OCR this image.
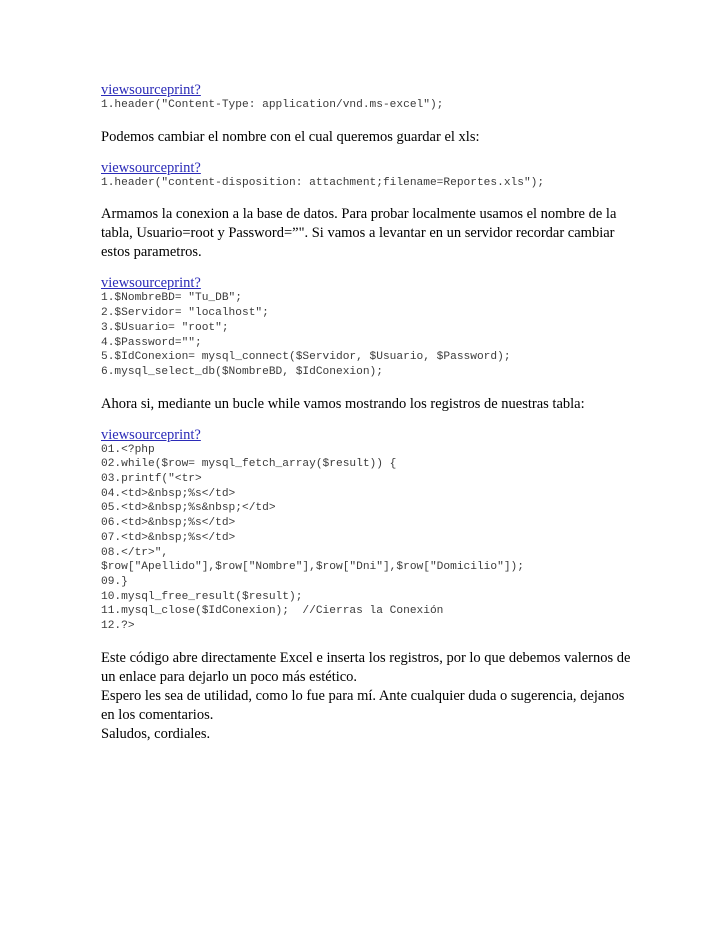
viewsourceprint?
1.header("Content-Type: application/vnd.ms-excel");

Podemos cambiar el nombre con el cual queremos guardar el xls:

viewsourceprint?
1.header("content-disposition: attachment;filename=Reportes.xls");

Armamos la conexion a la base de datos. Para probar localmente usamos el nombre de la
tabla, Usuario=root y Password=”". Si vamos a levantar en un servidor recordar cambiar
estos parametros.

viewsourceprint?
1.$NombreBD= "Tu_DB";
2.$Servidor= "localhost";
3.$Usuario= "root";
4.$Password="";
5.$IdConexion= mysql_connect($Servidor, $Usuario, $Password);
6.mysql_select_db($NombreBD, $IdConexion);

Ahora si, mediante un bucle while vamos mostrando los registros de nuestras tabla:

viewsourceprint?
01.<?php
02.while($row= mysql_fetch_array($result)) {
03.printf("<tr>
04.<td>&nbsp;%s</td>
05.<td>&nbsp;%s&nbsp;</td>
06.<td>&nbsp;%s</td>
07.<td>&nbsp;%s</td>
08.</tr>",
$row["Apellido"],$row["Nombre"],$row["Dni"],$row["Domicilio"]);
09.}
10.mysql_free_result($result);
11.mysql_close($IdConexion);  //Cierras la Conexión
12.?>

Este código abre directamente Excel e inserta los registros, por lo que debemos valernos de
un enlace para dejarlo un poco más estético.
Espero les sea de utilidad, como lo fue para mí. Ante cualquier duda o sugerencia, dejanos
en los comentarios.
Saludos, cordiales.
